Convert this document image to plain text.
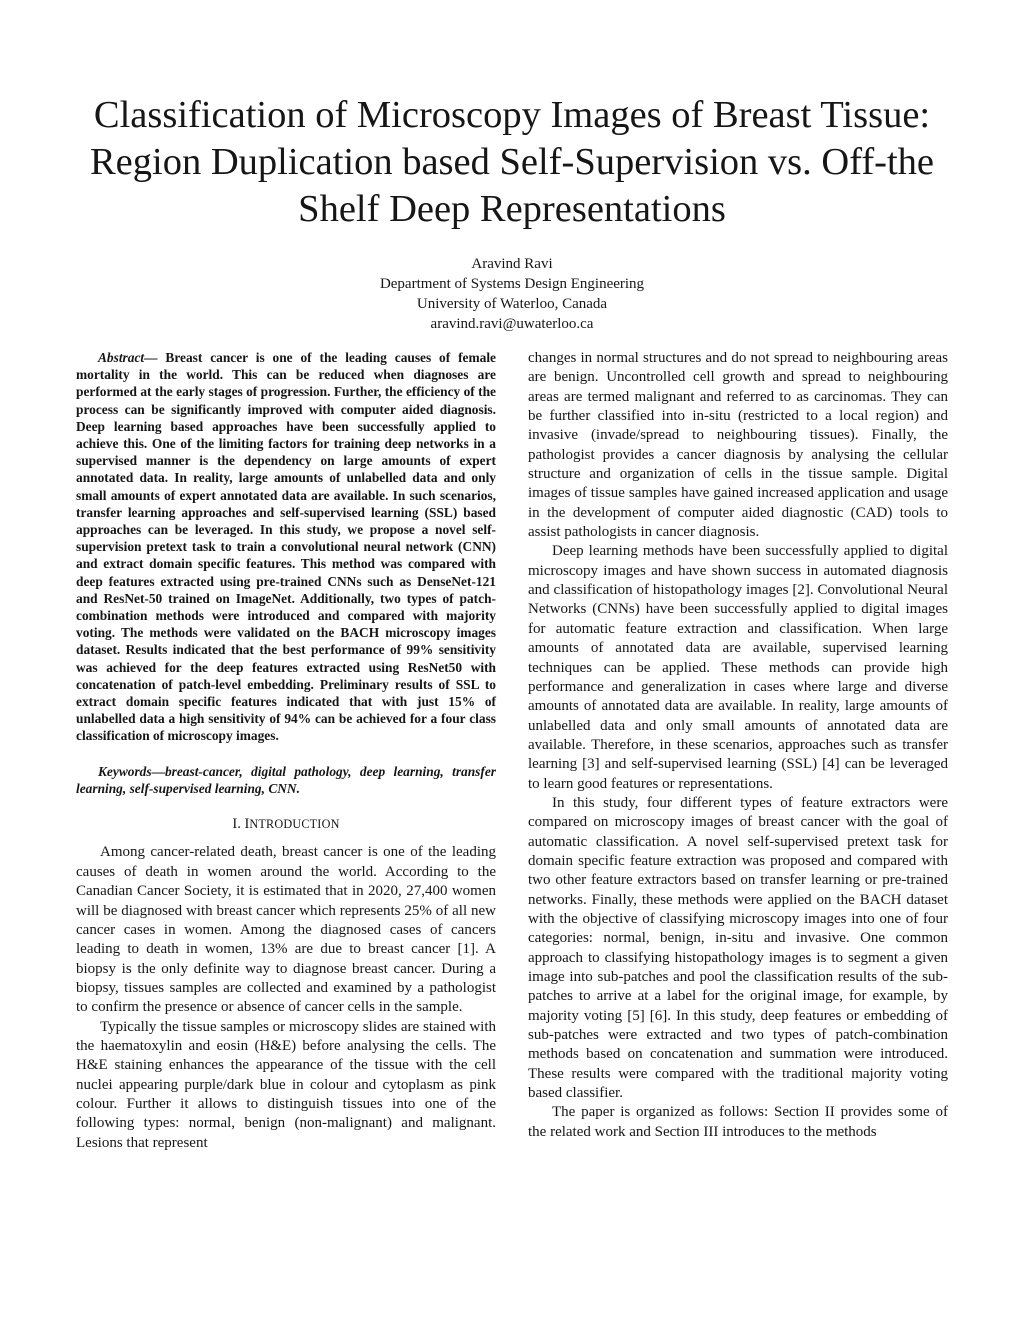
Classification of Microscopy Images of Breast Tissue: Region Duplication based Self-Supervision vs. Off-the Shelf Deep Representations
Aravind Ravi
Department of Systems Design Engineering
University of Waterloo, Canada
aravind.ravi@uwaterloo.ca

Abstract— Breast cancer is one of the leading causes of female mortality in the world. This can be reduced when diagnoses are performed at the early stages of progression. Further, the efficiency of the process can be significantly improved with computer aided diagnosis. Deep learning based approaches have been successfully applied to achieve this. One of the limiting factors for training deep networks in a supervised manner is the dependency on large amounts of expert annotated data. In reality, large amounts of unlabelled data and only small amounts of expert annotated data are available. In such scenarios, transfer learning approaches and self-supervised learning (SSL) based approaches can be leveraged. In this study, we propose a novel self-supervision pretext task to train a convolutional neural network (CNN) and extract domain specific features. This method was compared with deep features extracted using pre-trained CNNs such as DenseNet-121 and ResNet-50 trained on ImageNet. Additionally, two types of patch-combination methods were introduced and compared with majority voting. The methods were validated on the BACH microscopy images dataset. Results indicated that the best performance of 99% sensitivity was achieved for the deep features extracted using ResNet50 with concatenation of patch-level embedding. Preliminary results of SSL to extract domain specific features indicated that with just 15% of unlabelled data a high sensitivity of 94% can be achieved for a four class classification of microscopy images.

Keywords—breast-cancer, digital pathology, deep learning, transfer learning, self-supervised learning, CNN.

I. INTRODUCTION

Among cancer-related death, breast cancer is one of the leading causes of death in women around the world. According to the Canadian Cancer Society, it is estimated that in 2020, 27,400 women will be diagnosed with breast cancer which represents 25% of all new cancer cases in women. Among the diagnosed cases of cancers leading to death in women, 13% are due to breast cancer [1]. A biopsy is the only definite way to diagnose breast cancer. During a biopsy, tissues samples are collected and examined by a pathologist to confirm the presence or absence of cancer cells in the sample.

Typically the tissue samples or microscopy slides are stained with the haematoxylin and eosin (H&E) before analysing the cells. The H&E staining enhances the appearance of the tissue with the cell nuclei appearing purple/dark blue in colour and cytoplasm as pink colour. Further it allows to distinguish tissues into one of the following types: normal, benign (non-malignant) and malignant. Lesions that represent

changes in normal structures and do not spread to neighbouring areas are benign. Uncontrolled cell growth and spread to neighbouring areas are termed malignant and referred to as carcinomas. They can be further classified into in-situ (restricted to a local region) and invasive (invade/spread to neighbouring tissues). Finally, the pathologist provides a cancer diagnosis by analysing the cellular structure and organization of cells in the tissue sample. Digital images of tissue samples have gained increased application and usage in the development of computer aided diagnostic (CAD) tools to assist pathologists in cancer diagnosis.

Deep learning methods have been successfully applied to digital microscopy images and have shown success in automated diagnosis and classification of histopathology images [2]. Convolutional Neural Networks (CNNs) have been successfully applied to digital images for automatic feature extraction and classification. When large amounts of annotated data are available, supervised learning techniques can be applied. These methods can provide high performance and generalization in cases where large and diverse amounts of annotated data are available. In reality, large amounts of unlabelled data and only small amounts of annotated data are available. Therefore, in these scenarios, approaches such as transfer learning [3] and self-supervised learning (SSL) [4] can be leveraged to learn good features or representations.

In this study, four different types of feature extractors were compared on microscopy images of breast cancer with the goal of automatic classification. A novel self-supervised pretext task for domain specific feature extraction was proposed and compared with two other feature extractors based on transfer learning or pre-trained networks. Finally, these methods were applied on the BACH dataset with the objective of classifying microscopy images into one of four categories: normal, benign, in-situ and invasive. One common approach to classifying histopathology images is to segment a given image into sub-patches and pool the classification results of the sub-patches to arrive at a label for the original image, for example, by majority voting [5] [6]. In this study, deep features or embedding of sub-patches were extracted and two types of patch-combination methods based on concatenation and summation were introduced. These results were compared with the traditional majority voting based classifier.

The paper is organized as follows: Section II provides some of the related work and Section III introduces to the methods
